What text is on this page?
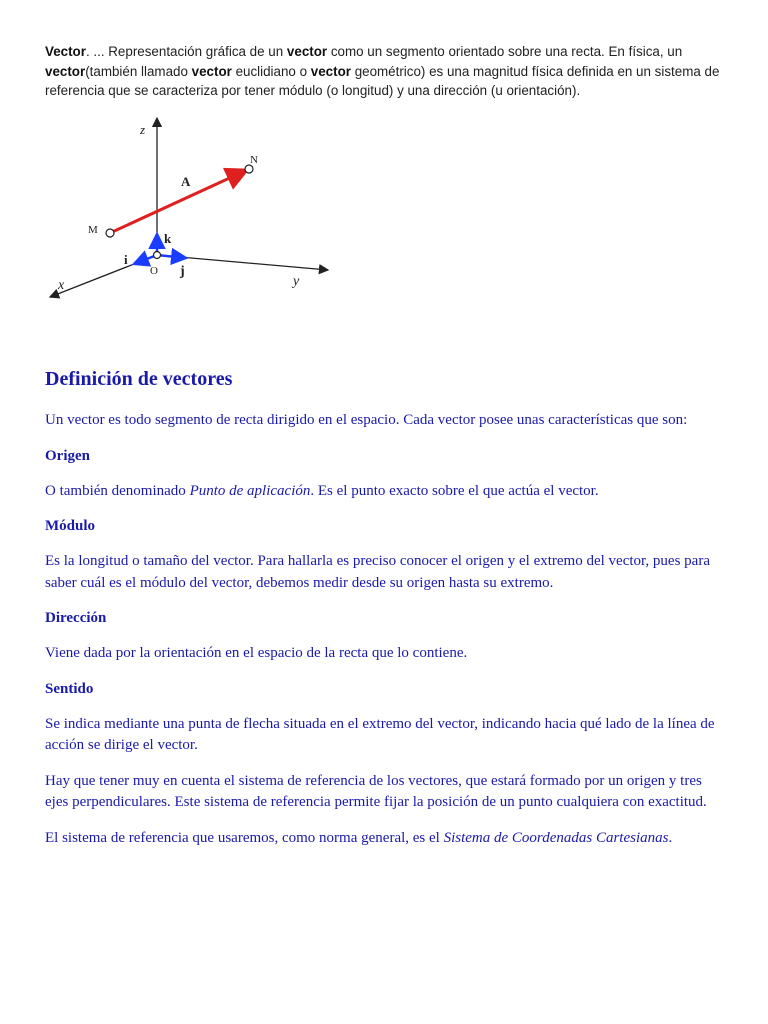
Vector. ... Representación gráfica de un vector como un segmento orientado sobre una recta. En física, un vector(también llamado vector euclidiano o vector geométrico) es una magnitud física definida en un sistema de referencia que se caracteriza por tener módulo (o longitud) y una dirección (u orientación).
z
y
x
O
i
j
k
M
N
A
Definición de vectores

Un vector es todo segmento de recta dirigido en el espacio. Cada vector posee unas características que son:

Origen

O también denominado Punto de aplicación. Es el punto exacto sobre el que actúa el vector.

Módulo

Es la longitud o tamaño del vector. Para hallarla es preciso conocer el origen y el extremo del vector, pues para saber cuál es el módulo del vector, debemos medir desde su origen hasta su extremo.

Dirección

Viene dada por la orientación en el espacio de la recta que lo contiene.

Sentido

Se indica mediante una punta de flecha situada en el extremo del vector, indicando hacia qué lado de la línea de acción se dirige el vector.

Hay que tener muy en cuenta el sistema de referencia de los vectores, que estará formado por un origen y tres ejes perpendiculares. Este sistema de referencia permite fijar la posición de un punto cualquiera con exactitud.

El sistema de referencia que usaremos, como norma general, es el Sistema de Coordenadas Cartesianas.
